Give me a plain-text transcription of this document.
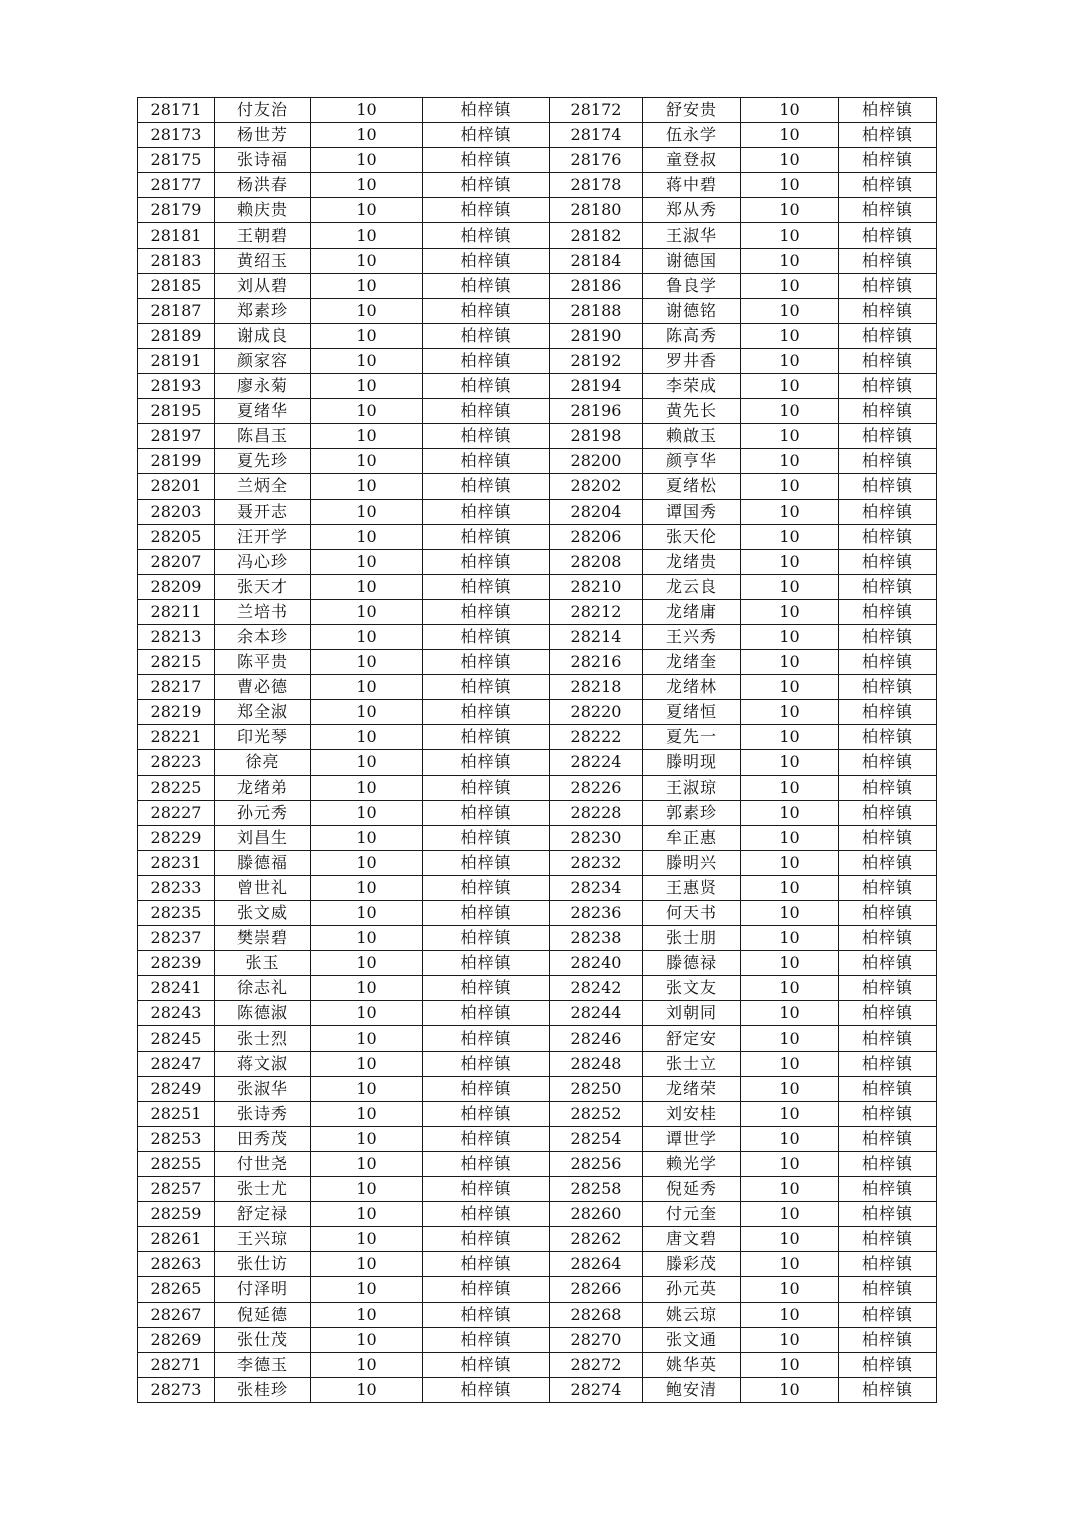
28171	付友治	10	柏梓镇	28172	舒安贵	10	柏梓镇
28173	杨世芳	10	柏梓镇	28174	伍永学	10	柏梓镇
28175	张诗福	10	柏梓镇	28176	童登叔	10	柏梓镇
28177	杨洪春	10	柏梓镇	28178	蒋中碧	10	柏梓镇
28179	赖庆贵	10	柏梓镇	28180	郑从秀	10	柏梓镇
28181	王朝碧	10	柏梓镇	28182	王淑华	10	柏梓镇
28183	黄绍玉	10	柏梓镇	28184	谢德国	10	柏梓镇
28185	刘从碧	10	柏梓镇	28186	鲁良学	10	柏梓镇
28187	郑素珍	10	柏梓镇	28188	谢德铭	10	柏梓镇
28189	谢成良	10	柏梓镇	28190	陈高秀	10	柏梓镇
28191	颜家容	10	柏梓镇	28192	罗井香	10	柏梓镇
28193	廖永菊	10	柏梓镇	28194	李荣成	10	柏梓镇
28195	夏绪华	10	柏梓镇	28196	黄先长	10	柏梓镇
28197	陈昌玉	10	柏梓镇	28198	赖啟玉	10	柏梓镇
28199	夏先珍	10	柏梓镇	28200	颜亨华	10	柏梓镇
28201	兰炳全	10	柏梓镇	28202	夏绪松	10	柏梓镇
28203	聂开志	10	柏梓镇	28204	谭国秀	10	柏梓镇
28205	汪开学	10	柏梓镇	28206	张天伦	10	柏梓镇
28207	冯心珍	10	柏梓镇	28208	龙绪贵	10	柏梓镇
28209	张天才	10	柏梓镇	28210	龙云良	10	柏梓镇
28211	兰培书	10	柏梓镇	28212	龙绪庸	10	柏梓镇
28213	余本珍	10	柏梓镇	28214	王兴秀	10	柏梓镇
28215	陈平贵	10	柏梓镇	28216	龙绪奎	10	柏梓镇
28217	曹必德	10	柏梓镇	28218	龙绪林	10	柏梓镇
28219	郑全淑	10	柏梓镇	28220	夏绪恒	10	柏梓镇
28221	印光琴	10	柏梓镇	28222	夏先一	10	柏梓镇
28223	徐亮	10	柏梓镇	28224	滕明现	10	柏梓镇
28225	龙绪弟	10	柏梓镇	28226	王淑琼	10	柏梓镇
28227	孙元秀	10	柏梓镇	28228	郭素珍	10	柏梓镇
28229	刘昌生	10	柏梓镇	28230	牟正惠	10	柏梓镇
28231	滕德福	10	柏梓镇	28232	滕明兴	10	柏梓镇
28233	曾世礼	10	柏梓镇	28234	王惠贤	10	柏梓镇
28235	张文威	10	柏梓镇	28236	何天书	10	柏梓镇
28237	樊崇碧	10	柏梓镇	28238	张士朋	10	柏梓镇
28239	张玉	10	柏梓镇	28240	滕德禄	10	柏梓镇
28241	徐志礼	10	柏梓镇	28242	张文友	10	柏梓镇
28243	陈德淑	10	柏梓镇	28244	刘朝同	10	柏梓镇
28245	张士烈	10	柏梓镇	28246	舒定安	10	柏梓镇
28247	蒋文淑	10	柏梓镇	28248	张士立	10	柏梓镇
28249	张淑华	10	柏梓镇	28250	龙绪荣	10	柏梓镇
28251	张诗秀	10	柏梓镇	28252	刘安桂	10	柏梓镇
28253	田秀茂	10	柏梓镇	28254	谭世学	10	柏梓镇
28255	付世尧	10	柏梓镇	28256	赖光学	10	柏梓镇
28257	张士尤	10	柏梓镇	28258	倪延秀	10	柏梓镇
28259	舒定禄	10	柏梓镇	28260	付元奎	10	柏梓镇
28261	王兴琼	10	柏梓镇	28262	唐文碧	10	柏梓镇
28263	张仕访	10	柏梓镇	28264	滕彩茂	10	柏梓镇
28265	付泽明	10	柏梓镇	28266	孙元英	10	柏梓镇
28267	倪延德	10	柏梓镇	28268	姚云琼	10	柏梓镇
28269	张仕茂	10	柏梓镇	28270	张文通	10	柏梓镇
28271	李德玉	10	柏梓镇	28272	姚华英	10	柏梓镇
28273	张桂珍	10	柏梓镇	28274	鲍安清	10	柏梓镇
